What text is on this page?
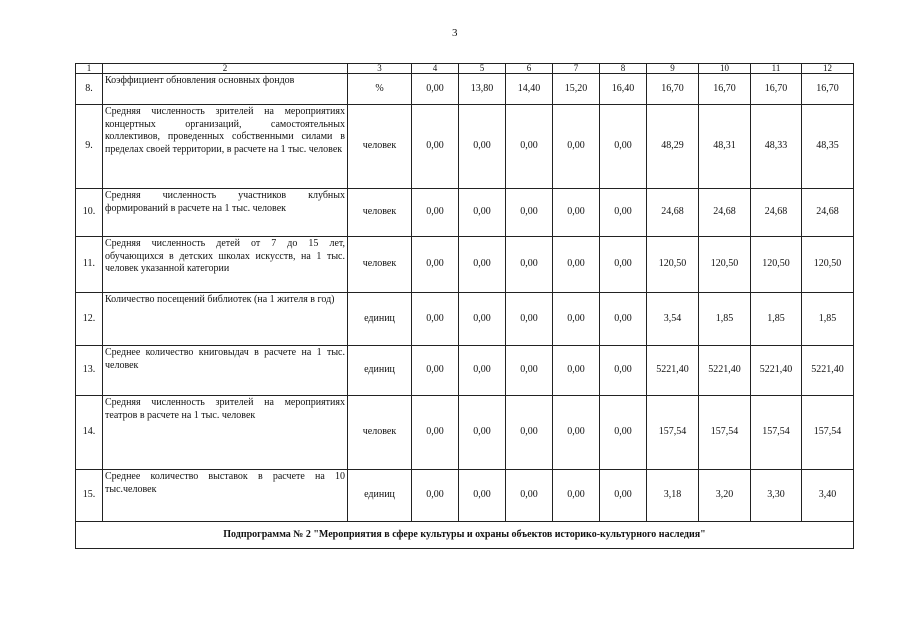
3
1	2	3	4	5	6	7	8	9	10	11	12
8.	Коэффициент обновления основных фондов	%	0,00	13,80	14,40	15,20	16,40	16,70	16,70	16,70	16,70
9.	Средняя численность зрителей на мероприятиях концертных организаций, самостоятельных коллективов, проведенных собственными силами в пределах своей территории, в расчете на 1 тыс. человек	человек	0,00	0,00	0,00	0,00	0,00	48,29	48,31	48,33	48,35
10.	Средняя численность участников клубных формирований в расчете на 1 тыс. человек	человек	0,00	0,00	0,00	0,00	0,00	24,68	24,68	24,68	24,68
11.	Средняя численность детей от 7 до 15 лет, обучающихся в детских школах искусств, на 1 тыс. человек указанной категории	человек	0,00	0,00	0,00	0,00	0,00	120,50	120,50	120,50	120,50
12.	Количество посещений библиотек (на 1 жителя в год)	единиц	0,00	0,00	0,00	0,00	0,00	3,54	1,85	1,85	1,85
13.	Среднее количество книговыдач в расчете на 1 тыс. человек	единиц	0,00	0,00	0,00	0,00	0,00	5221,40	5221,40	5221,40	5221,40
14.	Средняя численность зрителей на мероприятиях театров в расчете на 1 тыс. человек	человек	0,00	0,00	0,00	0,00	0,00	157,54	157,54	157,54	157,54
15.	Среднее количество выставок в расчете на 10 тыс.человек	единиц	0,00	0,00	0,00	0,00	0,00	3,18	3,20	3,30	3,40
Подпрограмма № 2 "Мероприятия в сфере культуры и охраны объектов историко-культурного наследия"											
